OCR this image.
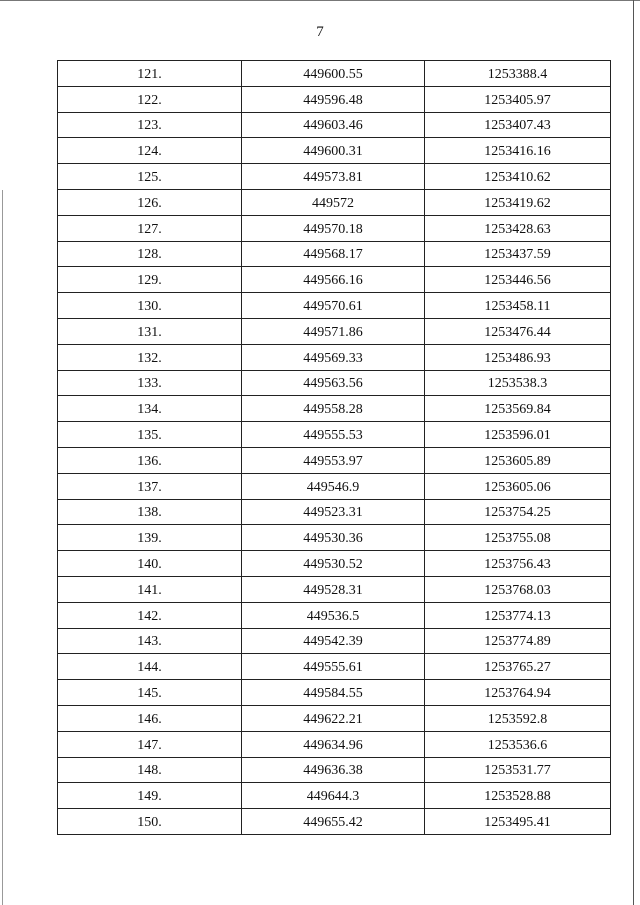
7
121.	449600.55	1253388.4
122.	449596.48	1253405.97
123.	449603.46	1253407.43
124.	449600.31	1253416.16
125.	449573.81	1253410.62
126.	449572	1253419.62
127.	449570.18	1253428.63
128.	449568.17	1253437.59
129.	449566.16	1253446.56
130.	449570.61	1253458.11
131.	449571.86	1253476.44
132.	449569.33	1253486.93
133.	449563.56	1253538.3
134.	449558.28	1253569.84
135.	449555.53	1253596.01
136.	449553.97	1253605.89
137.	449546.9	1253605.06
138.	449523.31	1253754.25
139.	449530.36	1253755.08
140.	449530.52	1253756.43
141.	449528.31	1253768.03
142.	449536.5	1253774.13
143.	449542.39	1253774.89
144.	449555.61	1253765.27
145.	449584.55	1253764.94
146.	449622.21	1253592.8
147.	449634.96	1253536.6
148.	449636.38	1253531.77
149.	449644.3	1253528.88
150.	449655.42	1253495.41
